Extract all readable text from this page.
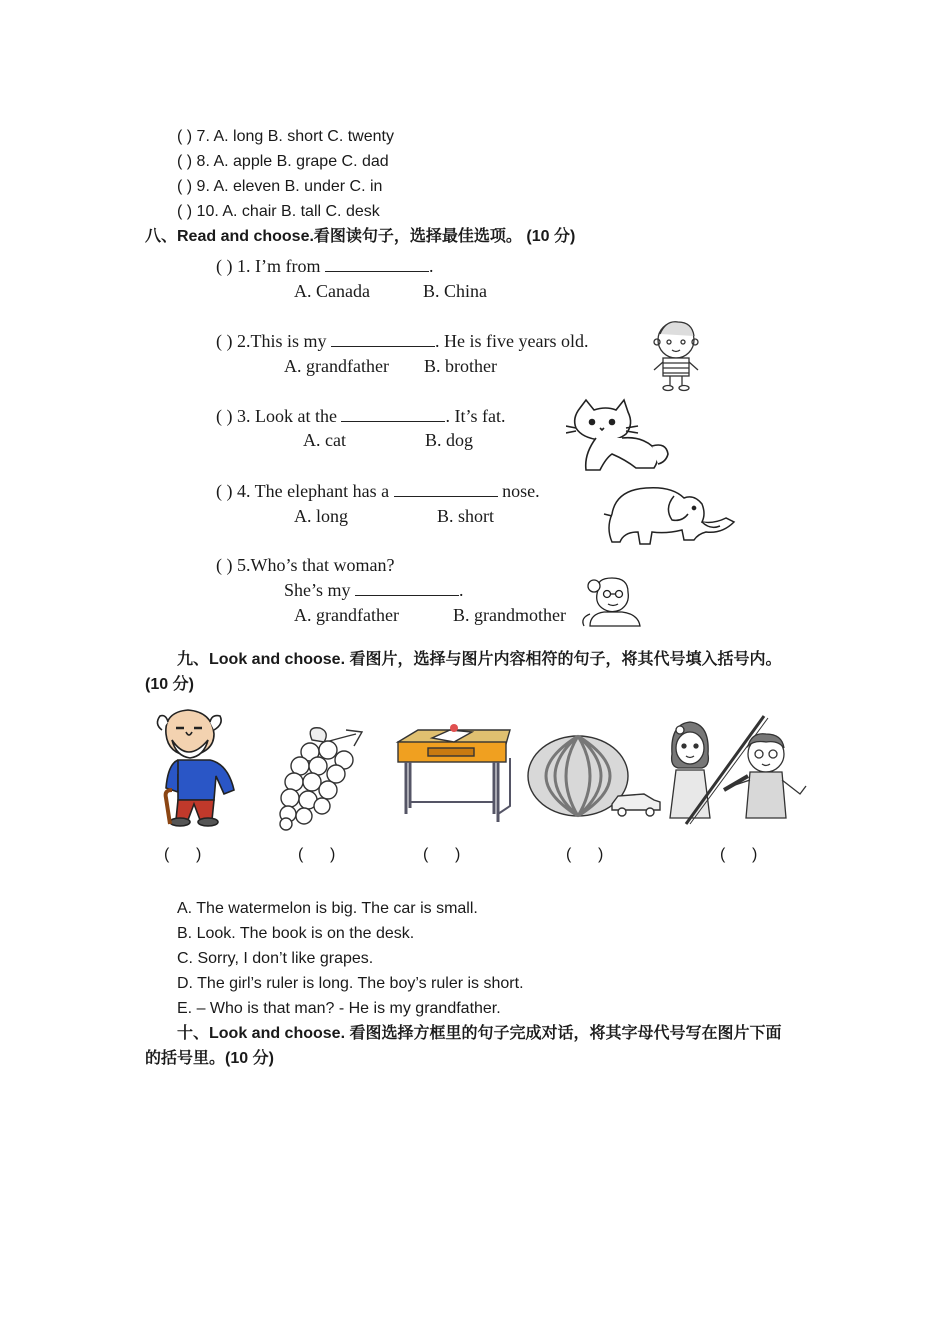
( ) 7. A. long B. short C. twenty
( ) 8. A. apple B. grape C. dad
( ) 9. A. eleven B. under C. in
( ) 10. A. chair B. tall C. desk
八、Read and choose.看图读句子，选择最佳选项。 (10 分)
( ) 1. I’m from	.
A. Canada	B. China
( ) 2.This is my	. He is five years old.
A. grandfather B. brother
( ) 3. Look at the	. It’s fat.
A. cat	B. dog
( ) 4. The elephant has a	nose.
A. long	B. short
( ) 5.Who’s that woman?
She’s my	.
A. grandfather	B. grandmother
九、Look and choose. 看图片，选择与图片内容相符的句子，将其代号填入括号内。
(10 分)
(      )	(      )	(      )	(      )	(      )
A. The watermelon is big. The car is small.
B. Look. The book is on the desk.
C. Sorry, I don’t like grapes.
D. The girl’s ruler is long. The boy’s ruler is short.
E. – Who is that man? - He is my grandfather.
十、Look and choose. 看图选择方框里的句子完成对话，将其字母代号写在图片下面
的括号里。(10 分)
